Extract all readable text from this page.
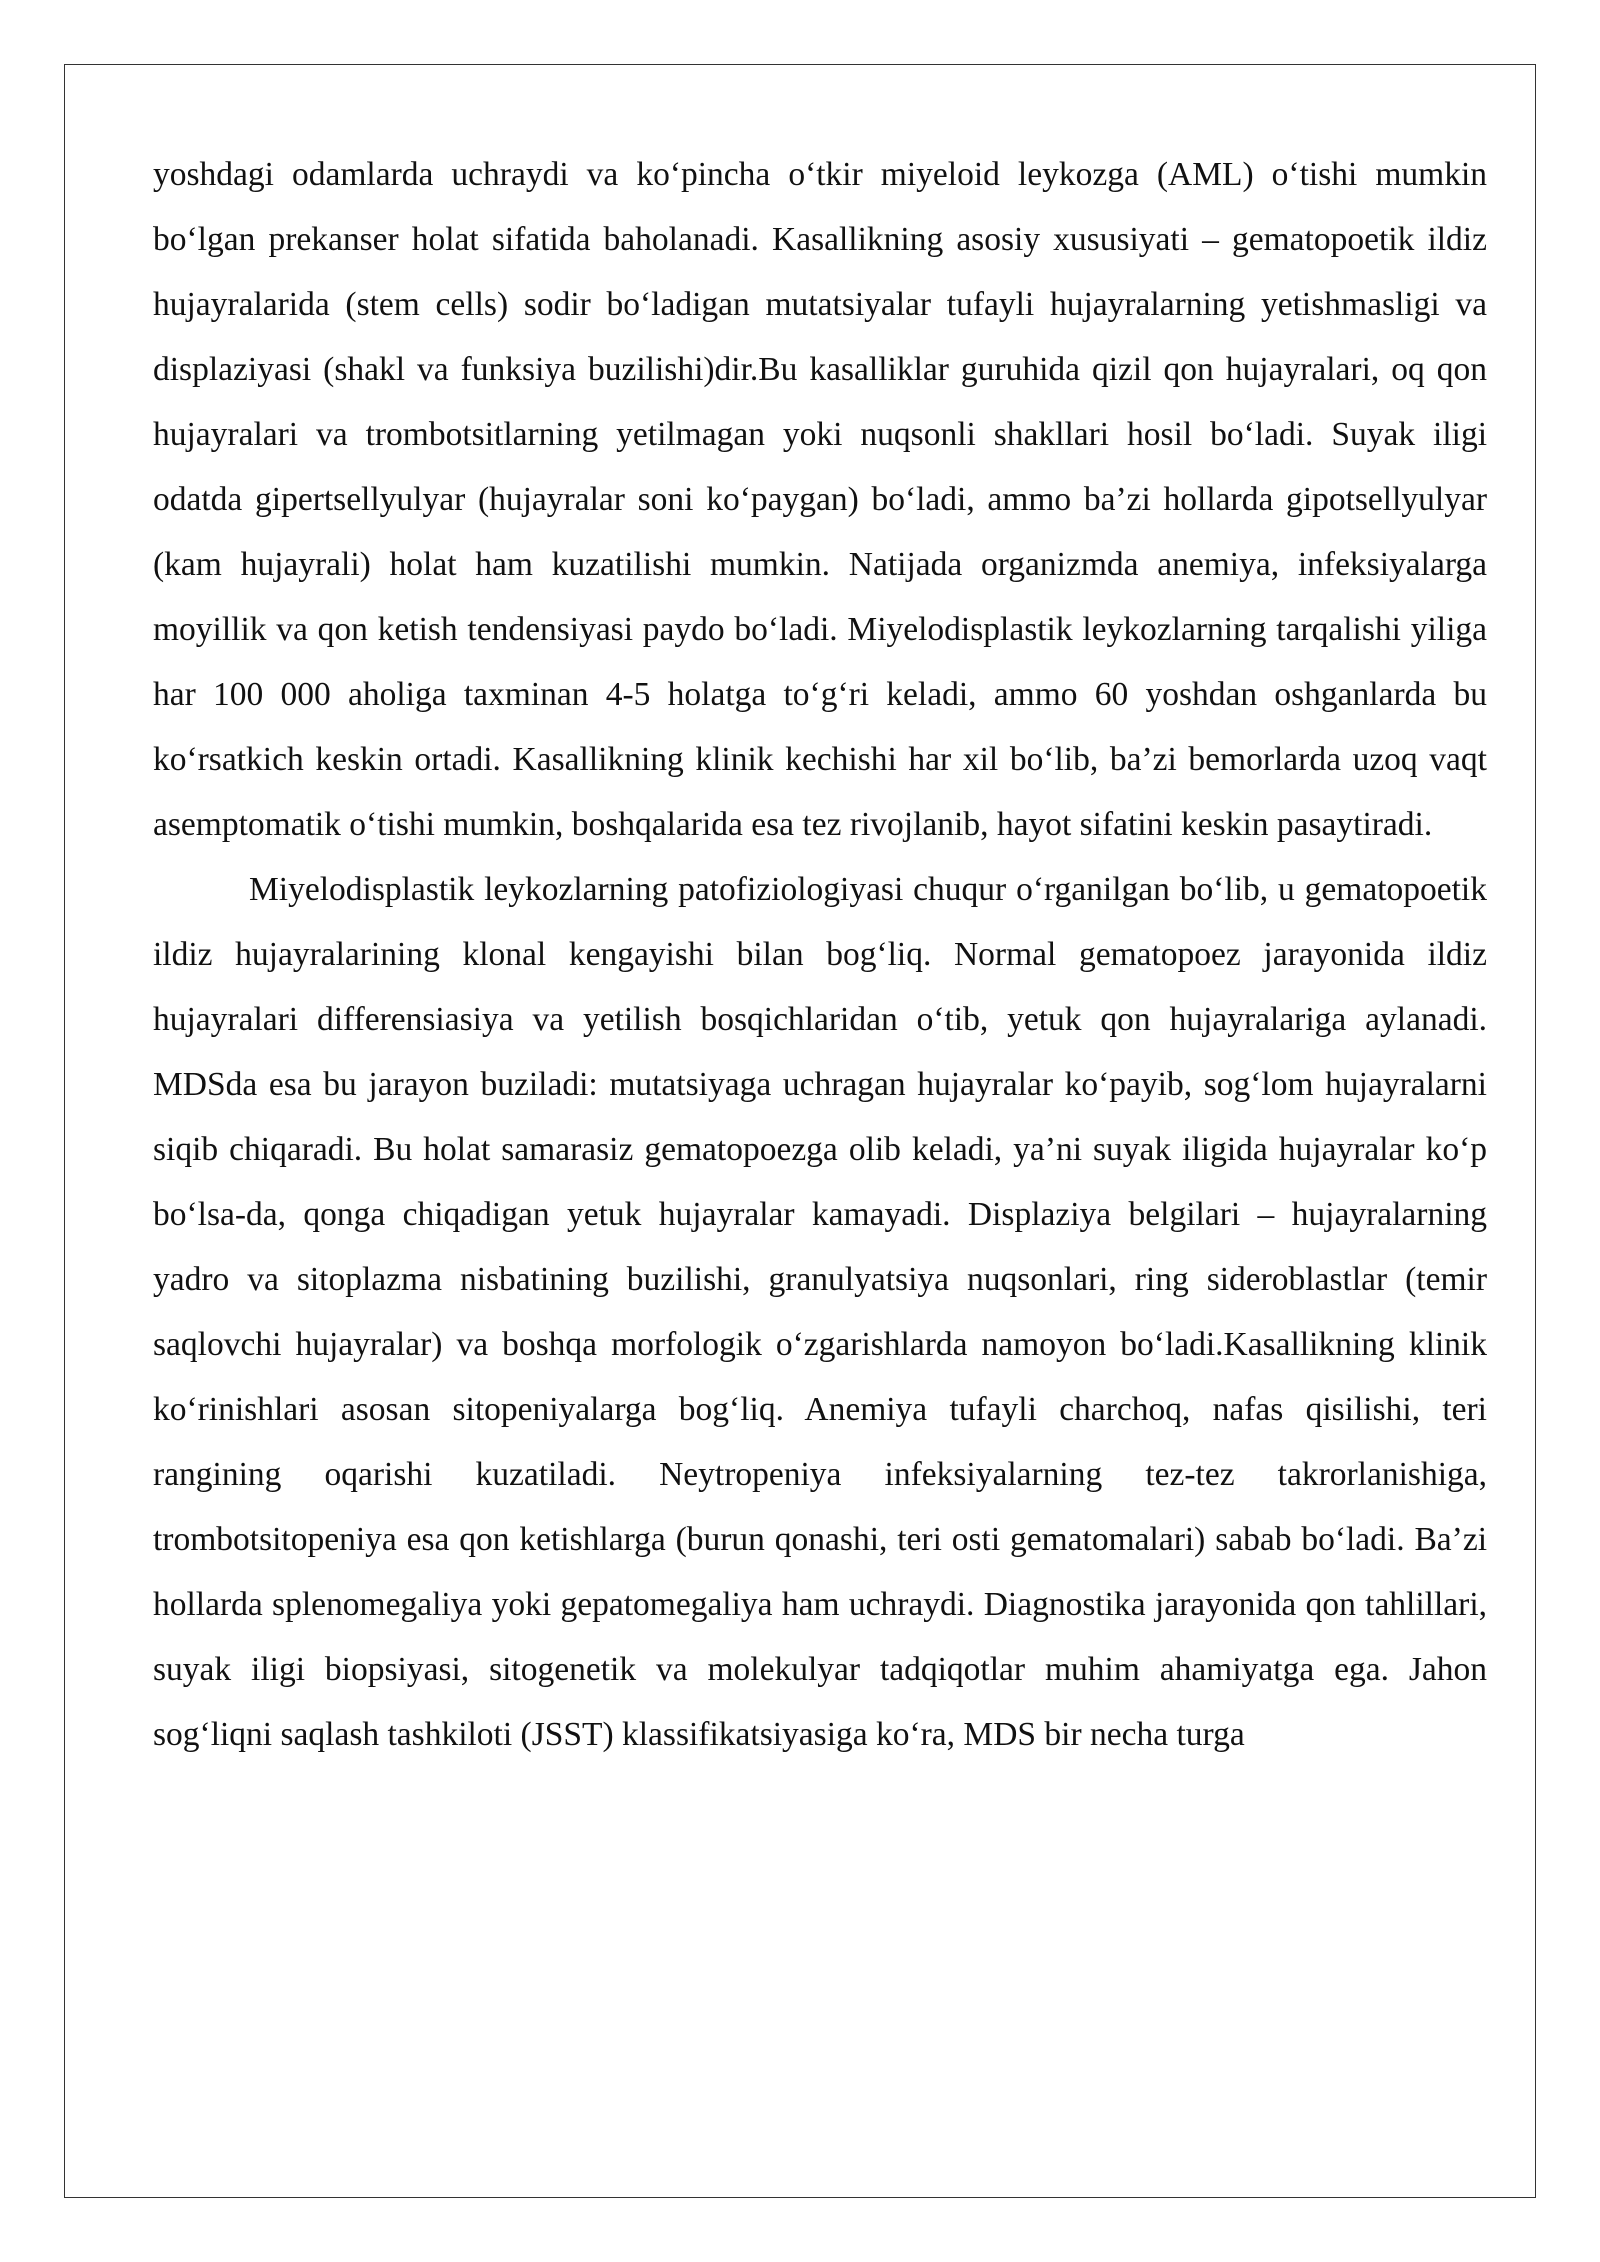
yoshdagi odamlarda uchraydi va ko‘pincha o‘tkir miyeloid leykozga (AML) o‘tishi mumkin bo‘lgan prekanser holat sifatida baholanadi. Kasallikning asosiy xususiyati – gematopoetik ildiz hujayralarida (stem cells) sodir bo‘ladigan mutatsiyalar tufayli hujayralarning yetishmasligi va displaziyasi (shakl va funksiya buzilishi)dir.Bu kasalliklar guruhida qizil qon hujayralari, oq qon hujayralari va trombotsitlarning yetilmagan yoki nuqsonli shakllari hosil bo‘ladi. Suyak iligi odatda gipertsellyulyar (hujayralar soni ko‘paygan) bo‘ladi, ammo ba’zi hollarda gipotsellyulyar (kam hujayrali) holat ham kuzatilishi mumkin. Natijada organizmda anemiya, infeksiyalarga moyillik va qon ketish tendensiyasi paydo bo‘ladi. Miyelodisplastik leykozlarning tarqalishi yiliga har 100 000 aholiga taxminan 4-5 holatga to‘g‘ri keladi, ammo 60 yoshdan oshganlarda bu ko‘rsatkich keskin ortadi. Kasallikning klinik kechishi har xil bo‘lib, ba’zi bemorlarda uzoq vaqt asemptomatik o‘tishi mumkin, boshqalarida esa tez rivojlanib, hayot sifatini keskin pasaytiradi.

Miyelodisplastik leykozlarning patofiziologiyasi chuqur o‘rganilgan bo‘lib, u gematopoetik ildiz hujayralarining klonal kengayishi bilan bog‘liq. Normal gematopoez jarayonida ildiz hujayralari differensiasiya va yetilish bosqichlaridan o‘tib, yetuk qon hujayralariga aylanadi. MDSda esa bu jarayon buziladi: mutatsiyaga uchragan hujayralar ko‘payib, sog‘lom hujayralarni siqib chiqaradi. Bu holat samarasiz gematopoezga olib keladi, ya’ni suyak iligida hujayralar ko‘p bo‘lsa-da, qonga chiqadigan yetuk hujayralar kamayadi. Displaziya belgilari – hujayralarning yadro va sitoplazma nisbatining buzilishi, granulyatsiya nuqsonlari, ring sideroblastlar (temir saqlovchi hujayralar) va boshqa morfologik o‘zgarishlarda namoyon bo‘ladi.Kasallikning klinik ko‘rinishlari asosan sitopeniyalarga bog‘liq. Anemiya tufayli charchoq, nafas qisilishi, teri rangining oqarishi kuzatiladi. Neytropeniya infeksiyalarning tez-tez takrorlanishiga, trombotsitopeniya esa qon ketishlarga (burun qonashi, teri osti gematomalari) sabab bo‘ladi. Ba’zi hollarda splenomegaliya yoki gepatomegaliya ham uchraydi. Diagnostika jarayonida qon tahlillari, suyak iligi biopsiyasi, sitogenetik va molekulyar tadqiqotlar muhim ahamiyatga ega. Jahon sog‘liqni saqlash tashkiloti (JSST) klassifikatsiyasiga ko‘ra, MDS bir necha turga
